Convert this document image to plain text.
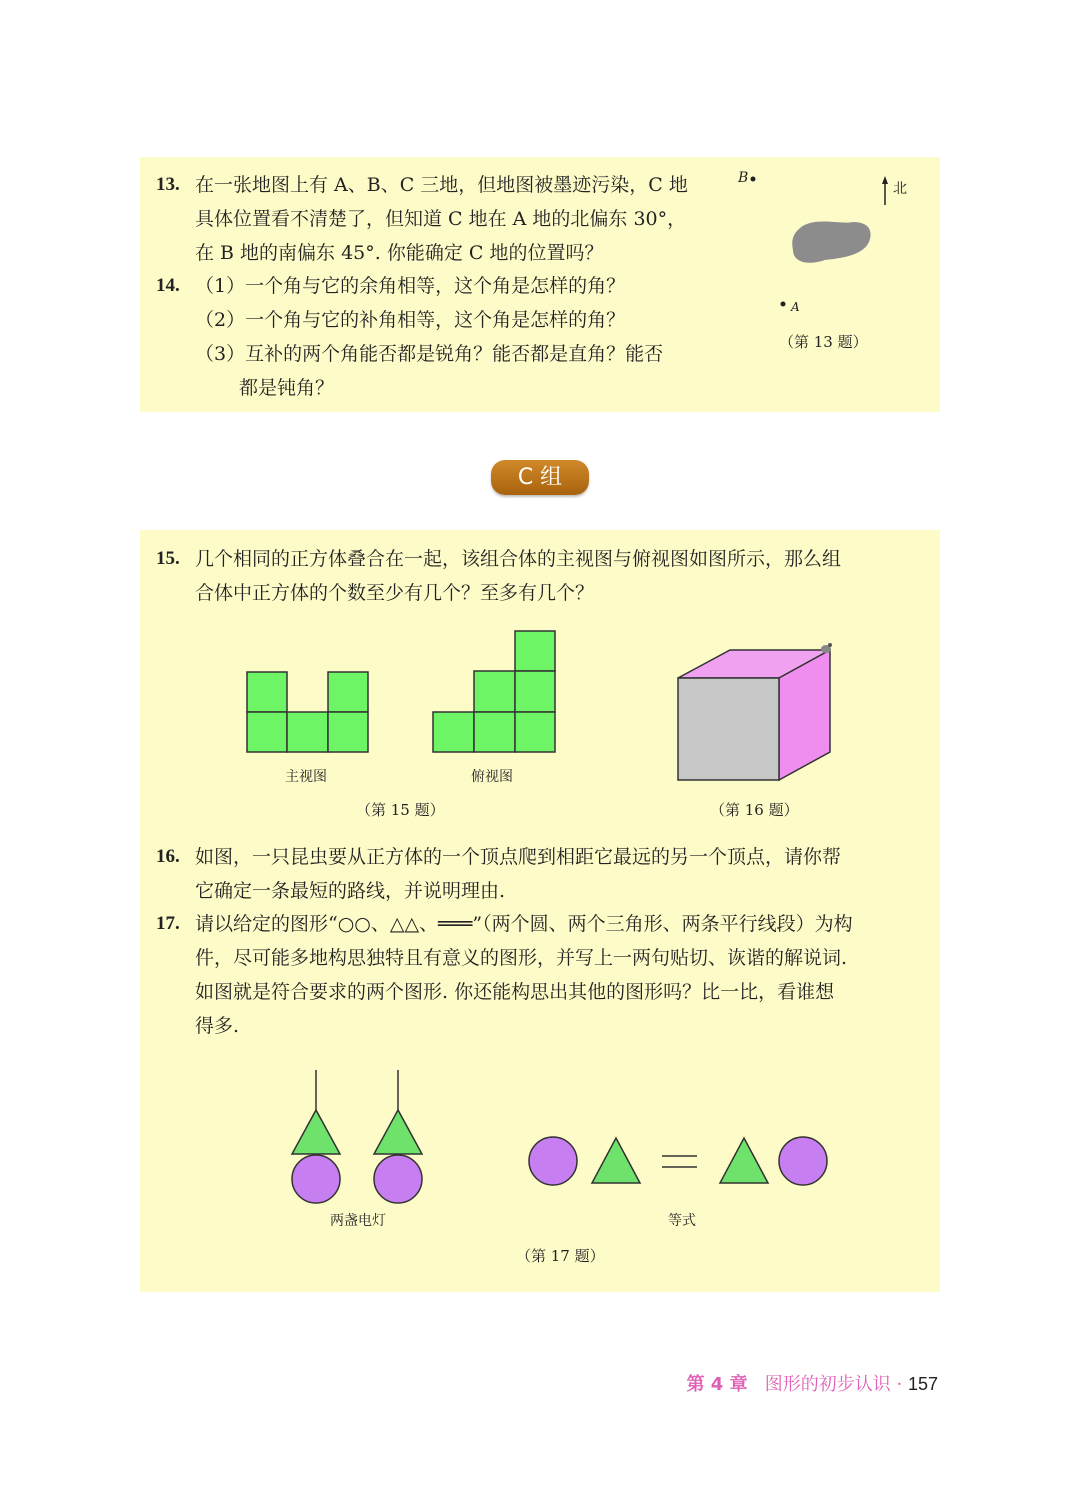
13. 在一张地图上有 A、B、C 三地，但地图被墨迹污染，C 地
具体位置看不清楚了，但知道 C 地在 A 地的北偏东 30°，
在 B 地的南偏东 45°. 你能确定 C 地的位置吗？
14. （1）一个角与它的余角相等，这个角是怎样的角？
（2）一个角与它的补角相等，这个角是怎样的角？
（3）互补的两个角能否都是锐角？能否都是直角？能否
都是钝角？
B
北
A
（第 13 题）
C 组
15. 几个相同的正方体叠合在一起，该组合体的主视图与俯视图如图所示，那么组
合体中正方体的个数至少有几个？至多有几个？
主视图	俯视图
（第 15 题）	（第 16 题）
16. 如图，一只昆虫要从正方体的一个顶点爬到相距它最远的另一个顶点，请你帮
它确定一条最短的路线，并说明理由.
17. 请以给定的图形“○○、△△、═══”（两个圆、两个三角形、两条平行线段）为构
件，尽可能多地构思独特且有意义的图形，并写上一两句贴切、诙谐的解说词.
如图就是符合要求的两个图形. 你还能构思出其他的图形吗？比一比，看谁想
得多.
两盏电灯	等式
（第 17 题）
第 4 章 图形的初步认识 · 157
